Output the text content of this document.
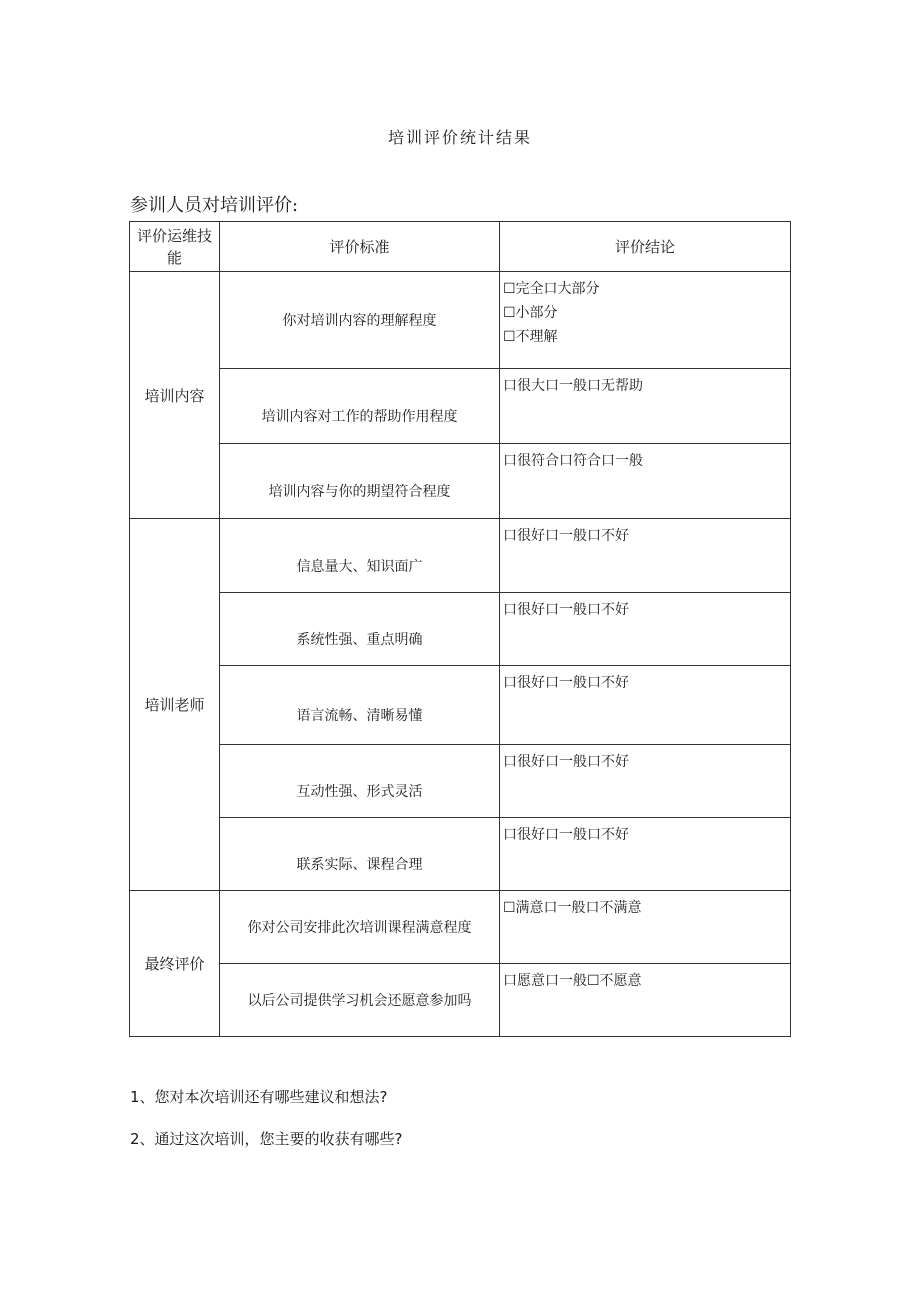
培训评价统计结果
参训人员对培训评价:
评价运维技能	评价标准	评价结论
培训内容	你对培训内容的理解程度	☐完全口大部分
☐小部分
☐不理解

	培训内容对工作的帮助作用程度	口很大口一般口无帮助

	培训内容与你的期望符合程度	口很符合口符合口一般

培训老师	信息量大、知识面广	口很好口一般口不好

	系统性强、重点明确	口很好口一般口不好

	语言流畅、清晰易懂	口很好口一般口不好

	互动性强、形式灵活	口很好口一般口不好

	联系实际、课程合理	口很好口一般口不好

最终评价	你对公司安排此次培训课程满意程度	☐满意口一般口不满意

	以后公司提供学习机会还愿意参加吗	口愿意口一般☐不愿意
1、您对本次培训还有哪些建议和想法?
2、通过这次培训，您主要的收获有哪些?
